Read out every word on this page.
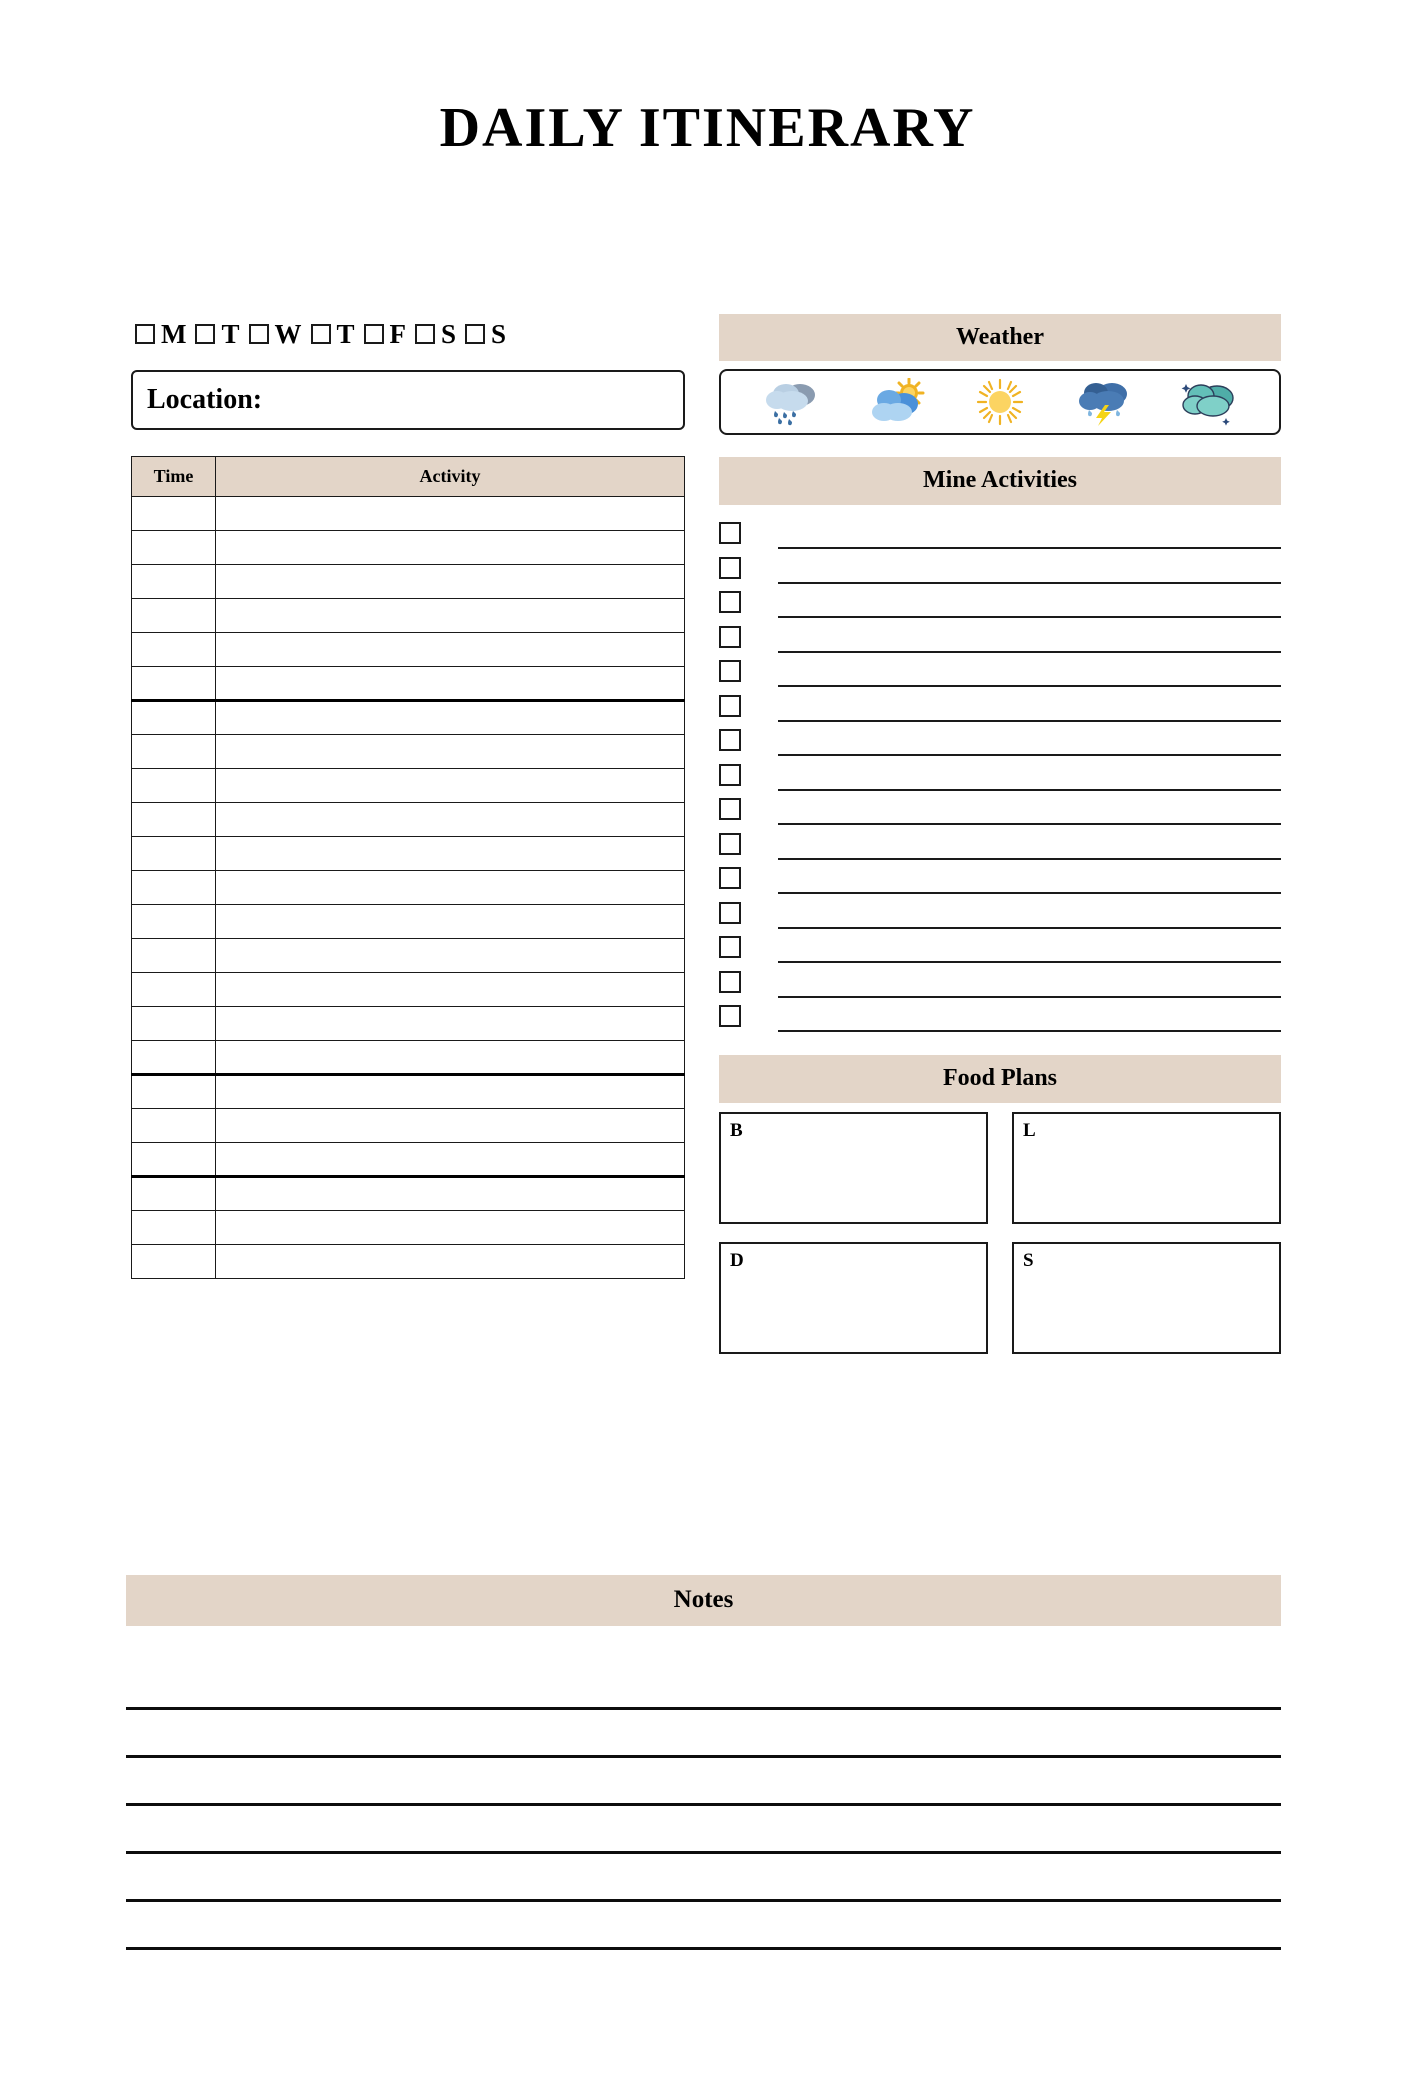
DAILY ITINERARY
M T W T F S S
Location:
Time	Activity

Weather
Mine Activities
Food Plans
B	L
D	S
Notes
